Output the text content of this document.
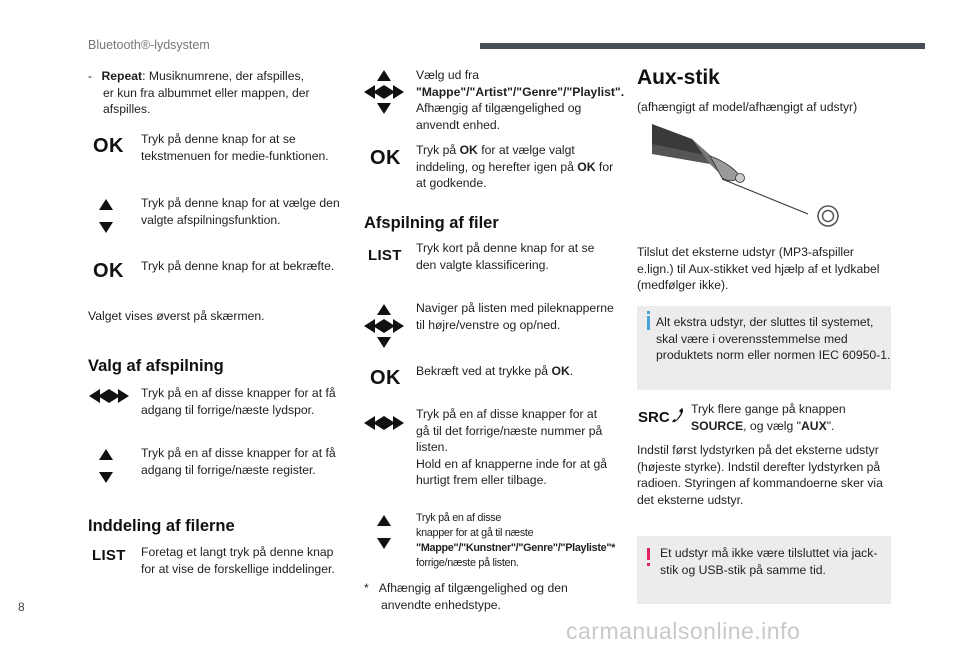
Bluetooth®-lydsystem
- Repeat: Musiknumrene, der afspilles,
er kun fra albummet eller mappen, der
afspilles.
OK Tryk på denne knap for at se
tekstmenuen for medie-funktionen.
Tryk på denne knap for at vælge den
valgte afspilningsfunktion.
OK Tryk på denne knap for at bekræfte.
Valget vises øverst på skærmen.
Valg af afspilning
Tryk på en af disse knapper for at få
adgang til forrige/næste lydspor.
Tryk på en af disse knapper for at få
adgang til forrige/næste register.
Inddeling af filerne
LIST Foretag et langt tryk på denne knap
for at vise de forskellige inddelinger.
Vælg ud fra
"Mappe"/"Artist"/"Genre"/"Playlist".
Afhængig af tilgængelighed og
anvendt enhed.
OK Tryk på OK for at vælge valgt
inddeling, og herefter igen på OK for
at godkende.
Afspilning af filer
LIST Tryk kort på denne knap for at se
den valgte klassificering.
Naviger på listen med pileknapperne
til højre/venstre og op/ned.
OK Bekræft ved at trykke på OK.
Tryk på en af disse knapper for at
gå til det forrige/næste nummer på
listen.
Hold en af knapperne inde for at gå
hurtigt frem eller tilbage.
Tryk på en af disse
knapper for at gå til næste
"Mappe"/"Kunstner"/"Genre"/"Playliste"*
forrige/næste på listen.
* Afhængig af tilgængelighed og den
anvendte enhedstype.
Aux-stik
(afhængigt af model/afhængigt af udstyr)
Tilslut det eksterne udstyr (MP3-afspiller
e.lign.) til Aux-stikket ved hjælp af et lydkabel
(medfølger ikke).
Alt ekstra udstyr, der sluttes til systemet,
skal være i overensstemmelse med
produktets norm eller normen IEC 60950-1.
SRC Tryk flere gange på knappen
SOURCE, og vælg "AUX".
Indstil først lydstyrken på det eksterne udstyr
(højeste styrke). Indstil derefter lydstyrken på
radioen. Styringen af kommandoerne sker via
det eksterne udstyr.
Et udstyr må ikke være tilsluttet via jack-
stik og USB-stik på samme tid.
8
carmanualsonline.info
